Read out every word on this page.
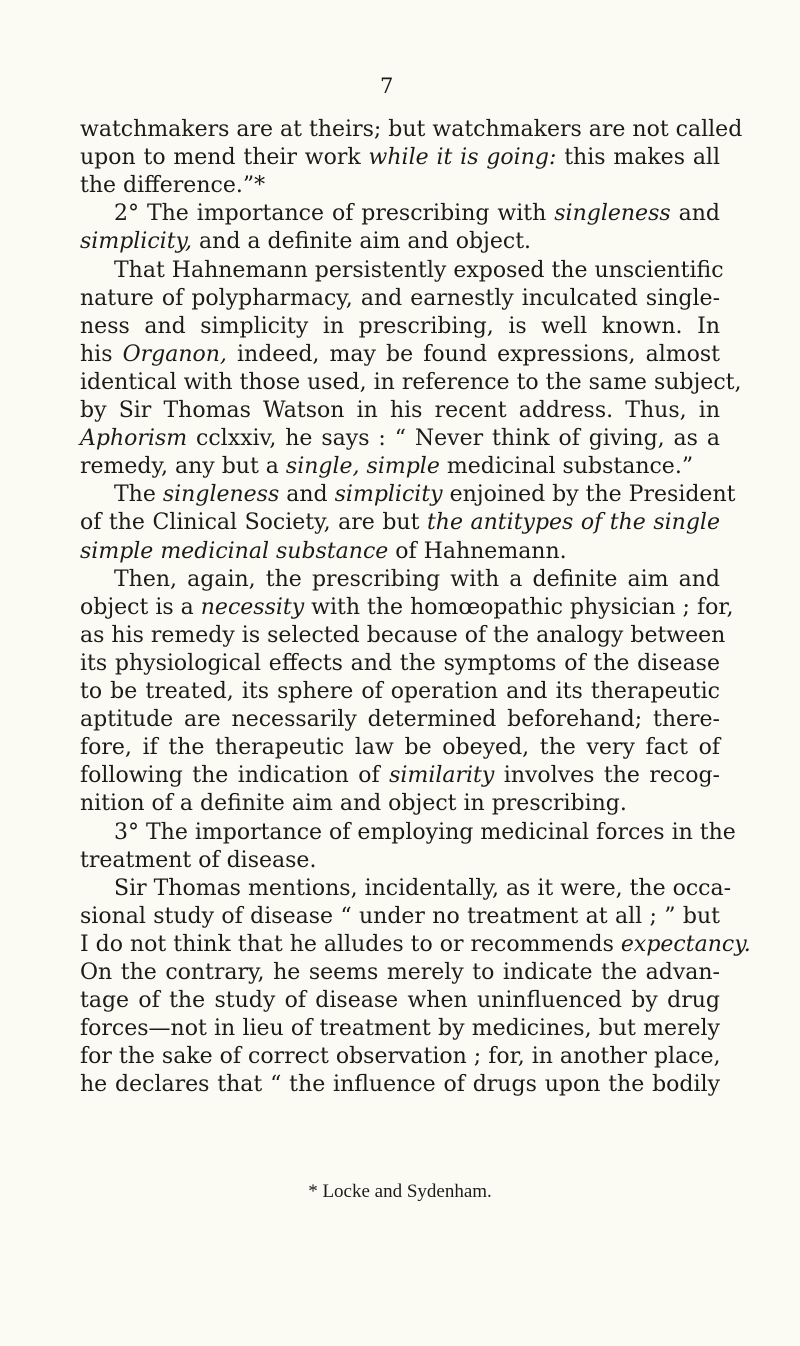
7
watchmakers are at theirs; but watchmakers are not called
upon to mend their work while it is going: this makes all
the difference.”*
2° The importance of prescribing with singleness and
simplicity, and a definite aim and object.
That Hahnemann persistently exposed the unscientific
nature of polypharmacy, and earnestly inculcated single-
ness and simplicity in prescribing, is well known. In
his Organon, indeed, may be found expressions, almost
identical with those used, in reference to the same subject,
by Sir Thomas Watson in his recent address. Thus, in
Aphorism cclxxiv, he says : “ Never think of giving, as a
remedy, any but a single, simple medicinal substance.”
The singleness and simplicity enjoined by the President
of the Clinical Society, are but the antitypes of the single
simple medicinal substance of Hahnemann.
Then, again, the prescribing with a definite aim and
object is a necessity with the homœopathic physician ; for,
as his remedy is selected because of the analogy between
its physiological effects and the symptoms of the disease
to be treated, its sphere of operation and its therapeutic
aptitude are necessarily determined beforehand; there-
fore, if the therapeutic law be obeyed, the very fact of
following the indication of similarity involves the recog-
nition of a definite aim and object in prescribing.
3° The importance of employing medicinal forces in the
treatment of disease.
Sir Thomas mentions, incidentally, as it were, the occa-
sional study of disease “ under no treatment at all ; ” but
I do not think that he alludes to or recommends expectancy.
On the contrary, he seems merely to indicate the advan-
tage of the study of disease when uninfluenced by drug
forces—not in lieu of treatment by medicines, but merely
for the sake of correct observation ; for, in another place,
he declares that “ the influence of drugs upon the bodily
* Locke and Sydenham.
